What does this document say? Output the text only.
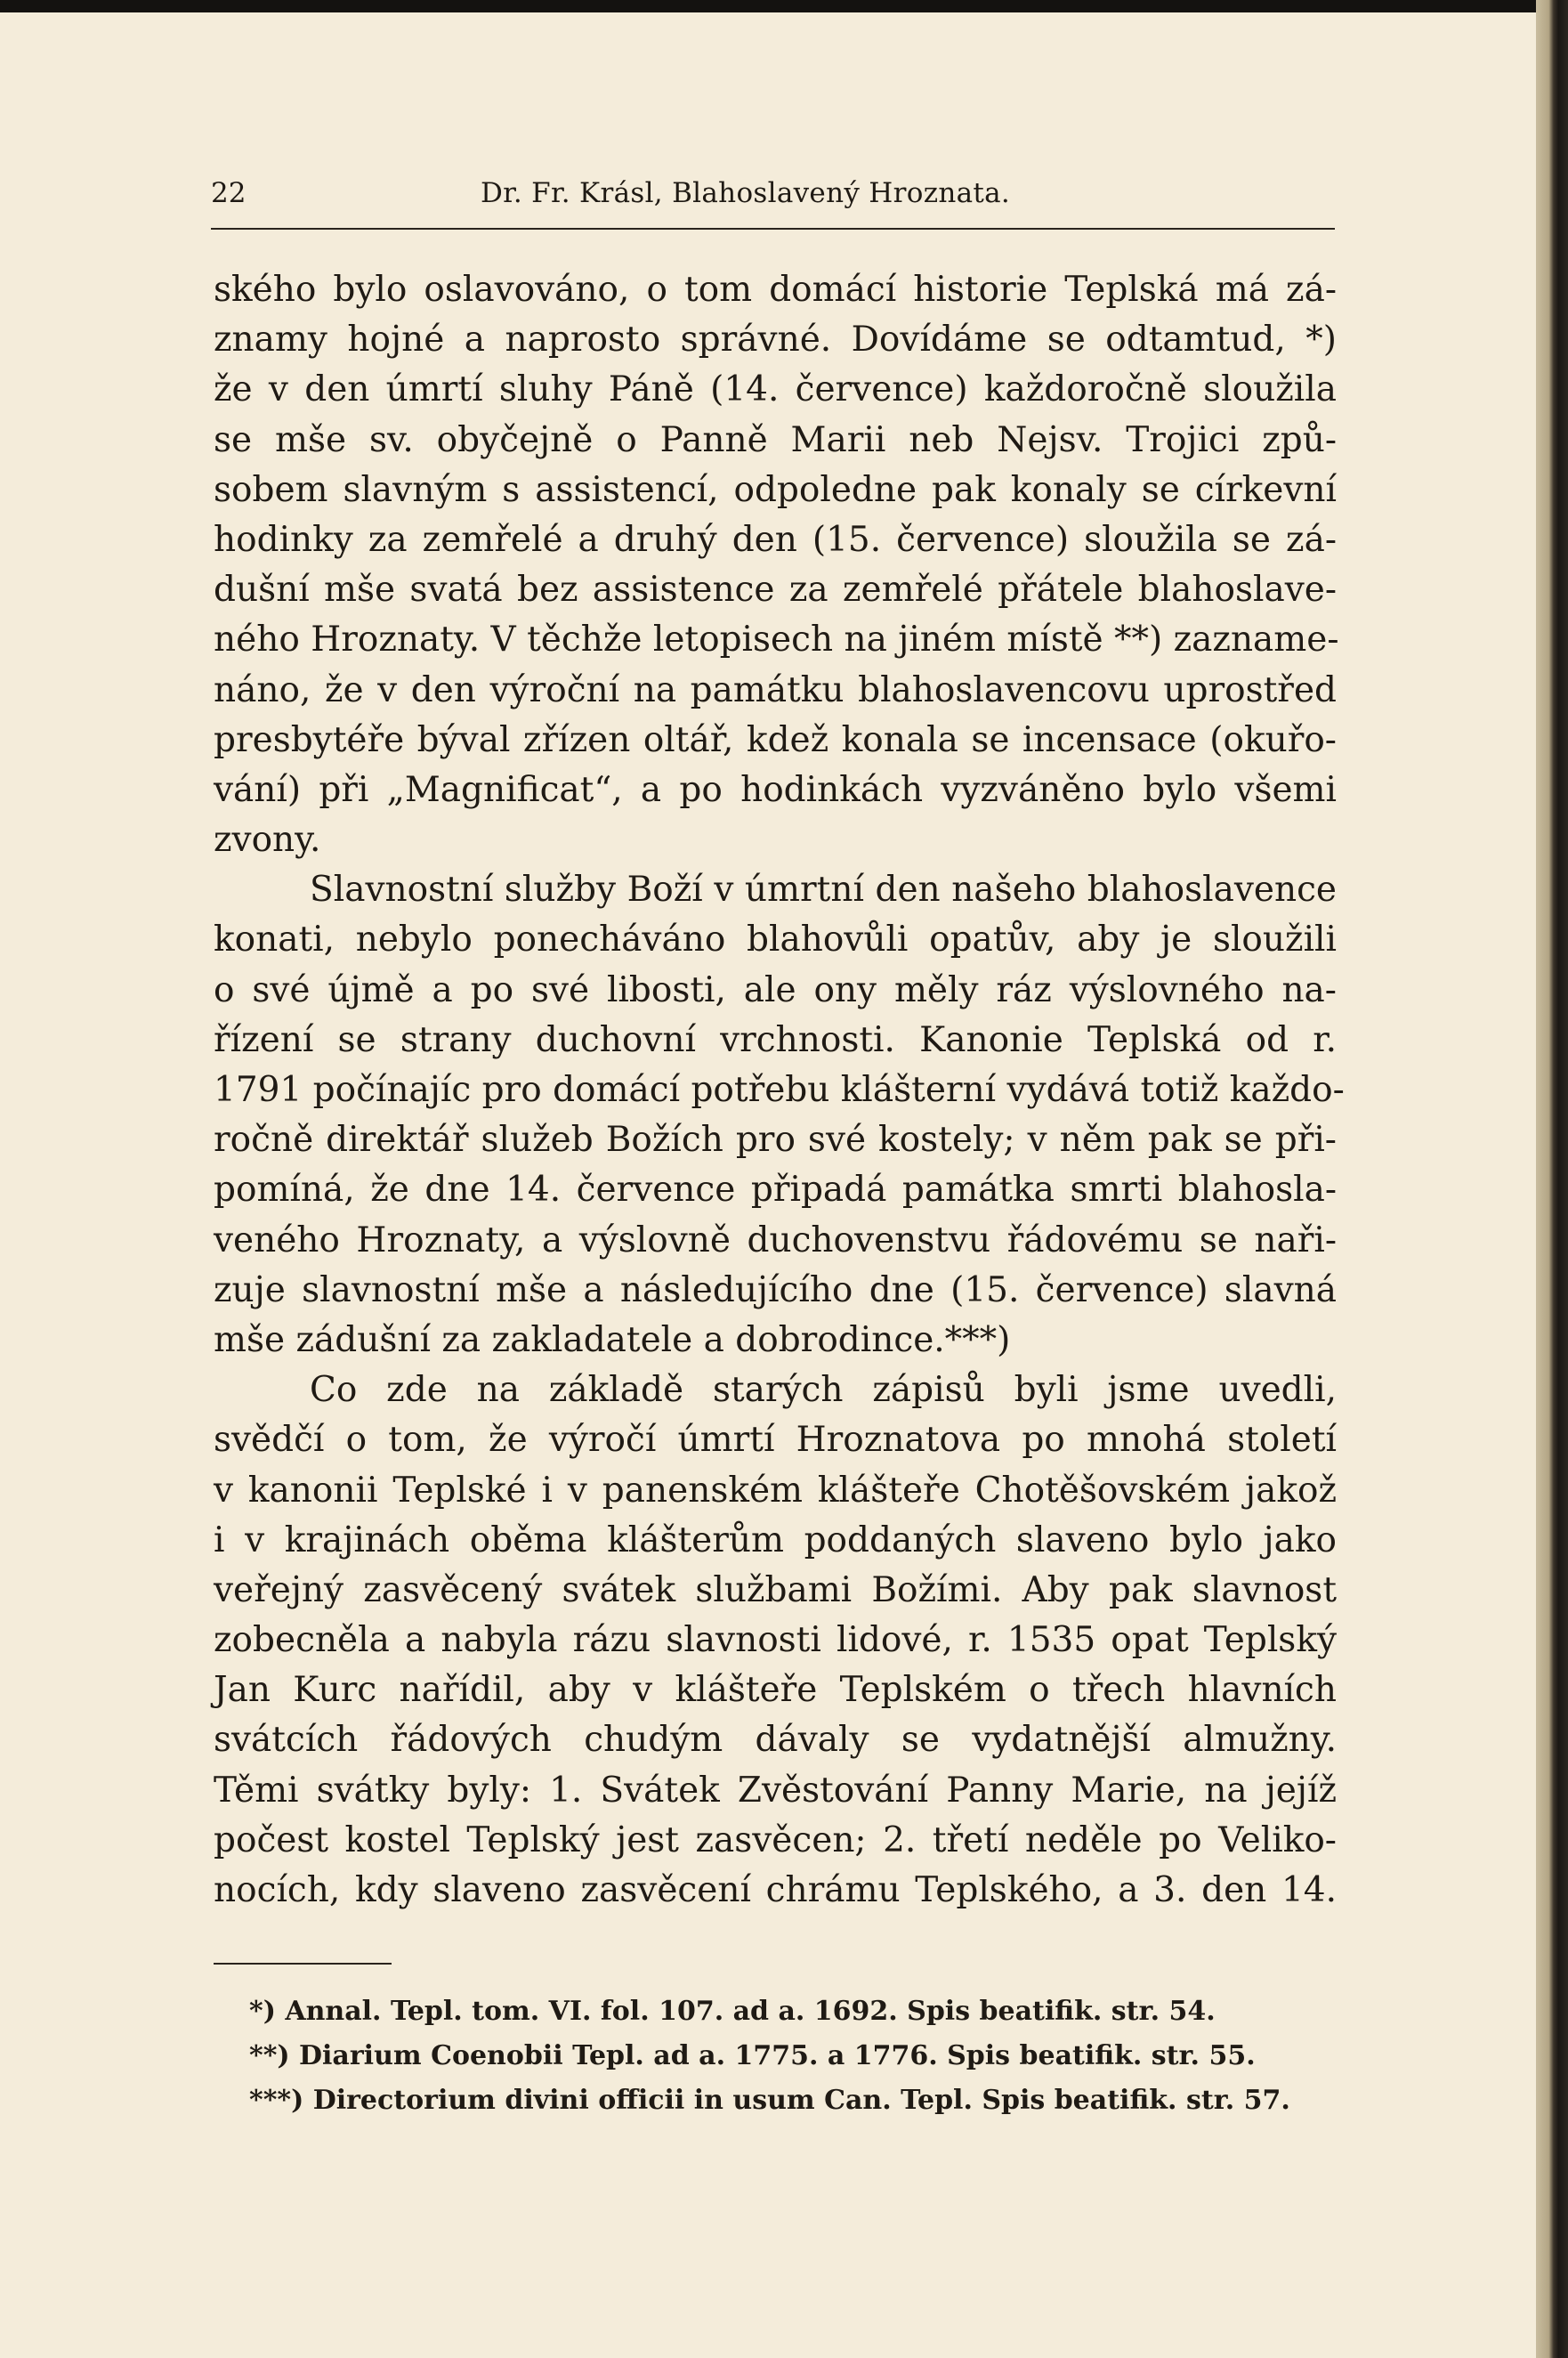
22	Dr. Fr. Krásl, Blahoslavený Hroznata.
ského bylo oslavováno, o tom domácí historie Teplská má zá-
znamy hojné a naprosto správné. Dovídáme se odtamtud, *)
že v den úmrtí sluhy Páně (14. července) každoročně sloužila
se mše sv. obyčejně o Panně Marii neb Nejsv. Trojici způ-
sobem slavným s assistencí, odpoledne pak konaly se církevní
hodinky za zemřelé a druhý den (15. července) sloužila se zá-
dušní mše svatá bez assistence za zemřelé přátele blahoslave-
ného Hroznaty. V těchže letopisech na jiném místě **) zazname-
náno, že v den výroční na památku blahoslavencovu uprostřed
presbytéře býval zřízen oltář, kdež konala se incensace (okuřo-
vání) při „Magnificat“, a po hodinkách vyzváněno bylo všemi
zvony.
Slavnostní služby Boží v úmrtní den našeho blahoslavence
konati, nebylo ponecháváno blahovůli opatův, aby je sloužili
o své újmě a po své libosti, ale ony měly ráz výslovného na-
řízení se strany duchovní vrchnosti. Kanonie Teplská od r.
1791 počínajíc pro domácí potřebu klášterní vydává totiž každo-
ročně direktář služeb Božích pro své kostely; v něm pak se při-
pomíná, že dne 14. července připadá památka smrti blahosla-
veného Hroznaty, a výslovně duchovenstvu řádovému se naři-
zuje slavnostní mše a následujícího dne (15. července) slavná
mše zádušní za zakladatele a dobrodince.***)
Co zde na základě starých zápisů byli jsme uvedli,
svědčí o tom, že výročí úmrtí Hroznatova po mnohá století
v kanonii Teplské i v panenském klášteře Chotěšovském jakož
i v krajinách oběma klášterům poddaných slaveno bylo jako
veřejný zasvěcený svátek službami Božími. Aby pak slavnost
zobecněla a nabyla rázu slavnosti lidové, r. 1535 opat Teplský
Jan Kurc nařídil, aby v klášteře Teplském o třech hlavních
svátcích řádových chudým dávaly se vydatnější almužny.
Těmi svátky byly: 1. Svátek Zvěstování Panny Marie, na jejíž
počest kostel Teplský jest zasvěcen; 2. třetí neděle po Veliko-
nocích, kdy slaveno zasvěcení chrámu Teplského, a 3. den 14.
*) Annal. Tepl. tom. VI. fol. 107. ad a. 1692. Spis beatifik. str. 54.
**) Diarium Coenobii Tepl. ad a. 1775. a 1776. Spis beatifik. str. 55.
***) Directorium divini officii in usum Can. Tepl. Spis beatifik. str. 57.
